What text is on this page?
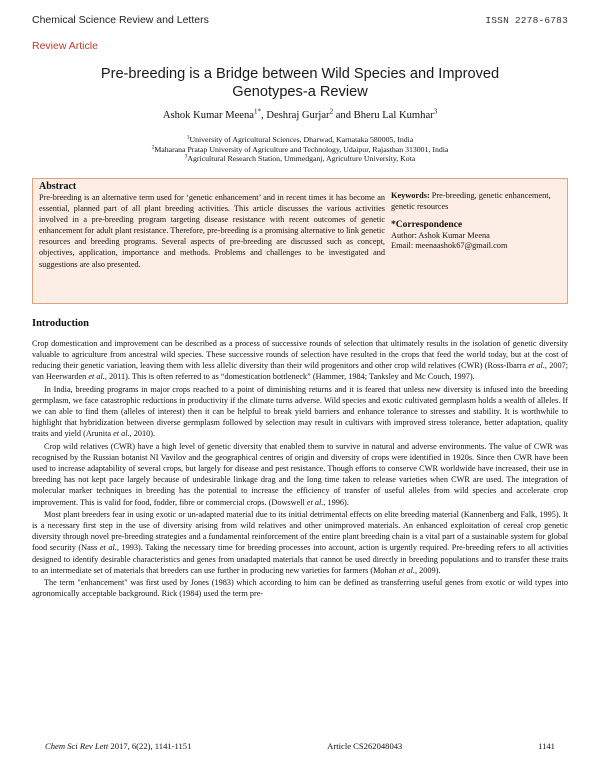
Chemical Science Review and Letters	ISSN 2278-6783
Review Article
Pre-breeding is a Bridge between Wild Species and Improved Genotypes-a Review
Ashok Kumar Meena$^{1*}$, Deshraj Gurjar$^2$ and Bheru Lal Kumhar$^3$
$^1$University of Agricultural Sciences, Dharwad, Karnataka 580005, India
$^2$Maharana Pratap University of Agriculture and Technology, Udaipur, Rajasthan 313001, India
$^3$Agricultural Research Station, Ummedganj, Agriculture University, Kota
Abstract
Pre-breeding is an alternative term used for ‘genetic enhancement’ and in recent times it has become an essential, planned part of all plant breeding activities. This article discusses the various activities involved in a pre-breeding program targeting disease resistance with recent outcomes of genetic enhancement for adult plant resistance. Therefore, pre-breeding is a promising alternative to link genetic resources and breeding programs. Several aspects of pre-breeding are discussed such as concept, objectives, application, importance and methods. Problems and challenges to be investigated and suggestions are also presented.
Keywords: Pre-breeding, genetic enhancement, genetic resources
*Correspondence
Author: Ashok Kumar Meena
Email: meenaashok67@gmail.com
Introduction

Crop domestication and improvement can be described as a process of successive rounds of selection that ultimately results in the isolation of genetic diversity valuable to agriculture from ancestral wild species. These successive rounds of selection have resulted in the crops that feed the world today, but at the cost of reducing their genetic variation, leaving them with less allelic diversity than their wild progenitors and other crop wild relatives (CWR) (Ross-Ibarra et al., 2007; van Heerwarden et al., 2011). This is often referred to as “domestication bottleneck” (Hammer, 1984; Tanksley and Mc Couch, 1997).

In India, breeding programs in major crops reached to a point of diminishing returns and it is feared that unless new diversity is infused into the breeding germplasm, we face catastrophic reductions in productivity if the climate turns adverse. Wild species and exotic cultivated germplasm holds a wealth of alleles. If we can able to find them (alleles of interest) then it can be helpful to break yield barriers and enhance tolerance to stresses and stability. It is worthwhile to highlight that hybridization between diverse germplasm followed by selection may result in cultivars with improved stress tolerance, better adaptation, quality traits and yield (Arunita et al., 2010).

Crop wild relatives (CWR) have a high level of genetic diversity that enabled them to survive in natural and adverse environments. The value of CWR was recognised by the Russian botanist NI Vavilov and the geographical centres of origin and diversity of crops were identified in 1920s. Since then CWR have been used to increase adaptability of several crops, but largely for disease and pest resistance. Though efforts to conserve CWR worldwide have increased, their use in breeding has not kept pace largely because of undesirable linkage drag and the long time taken to release varieties when CWR are used. The integration of molecular marker techniques in breeding has the potential to increase the efficiency of transfer of useful alleles from wild species and accelerate crop improvement. This is valid for food, fodder, fibre or commercial crops. (Dowswell et al., 1996).

Most plant breeders fear in using exotic or un-adapted material due to its initial detrimental effects on elite breeding material (Kannenberg and Falk, 1995). It is a necessary first step in the use of diversity arising from wild relatives and other unimproved materials. An enhanced exploitation of cereal crop genetic diversity through novel pre-breeding strategies and a fundamental reinforcement of the entire plant breeding chain is a vital part of a sustainable system for global food security (Nass et al., 1993). Taking the necessary time for breeding processes into account, action is urgently required. Pre-breeding refers to all activities designed to identify desirable characteristics and genes from unadapted materials that cannot be used directly in breeding populations and to transfer these traits to an intermediate set of materials that breeders can use further in producing new varieties for farmers (Mohan et al., 2009).

The term "enhancement" was first used by Jones (1983) which according to him can be defined as transferring useful genes from exotic or wild types into agronomically acceptable background. Rick (1984) used the term pre-

Chem Sci Rev Lett 2017, 6(22), 1141-1151	Article CS262048043	1141
